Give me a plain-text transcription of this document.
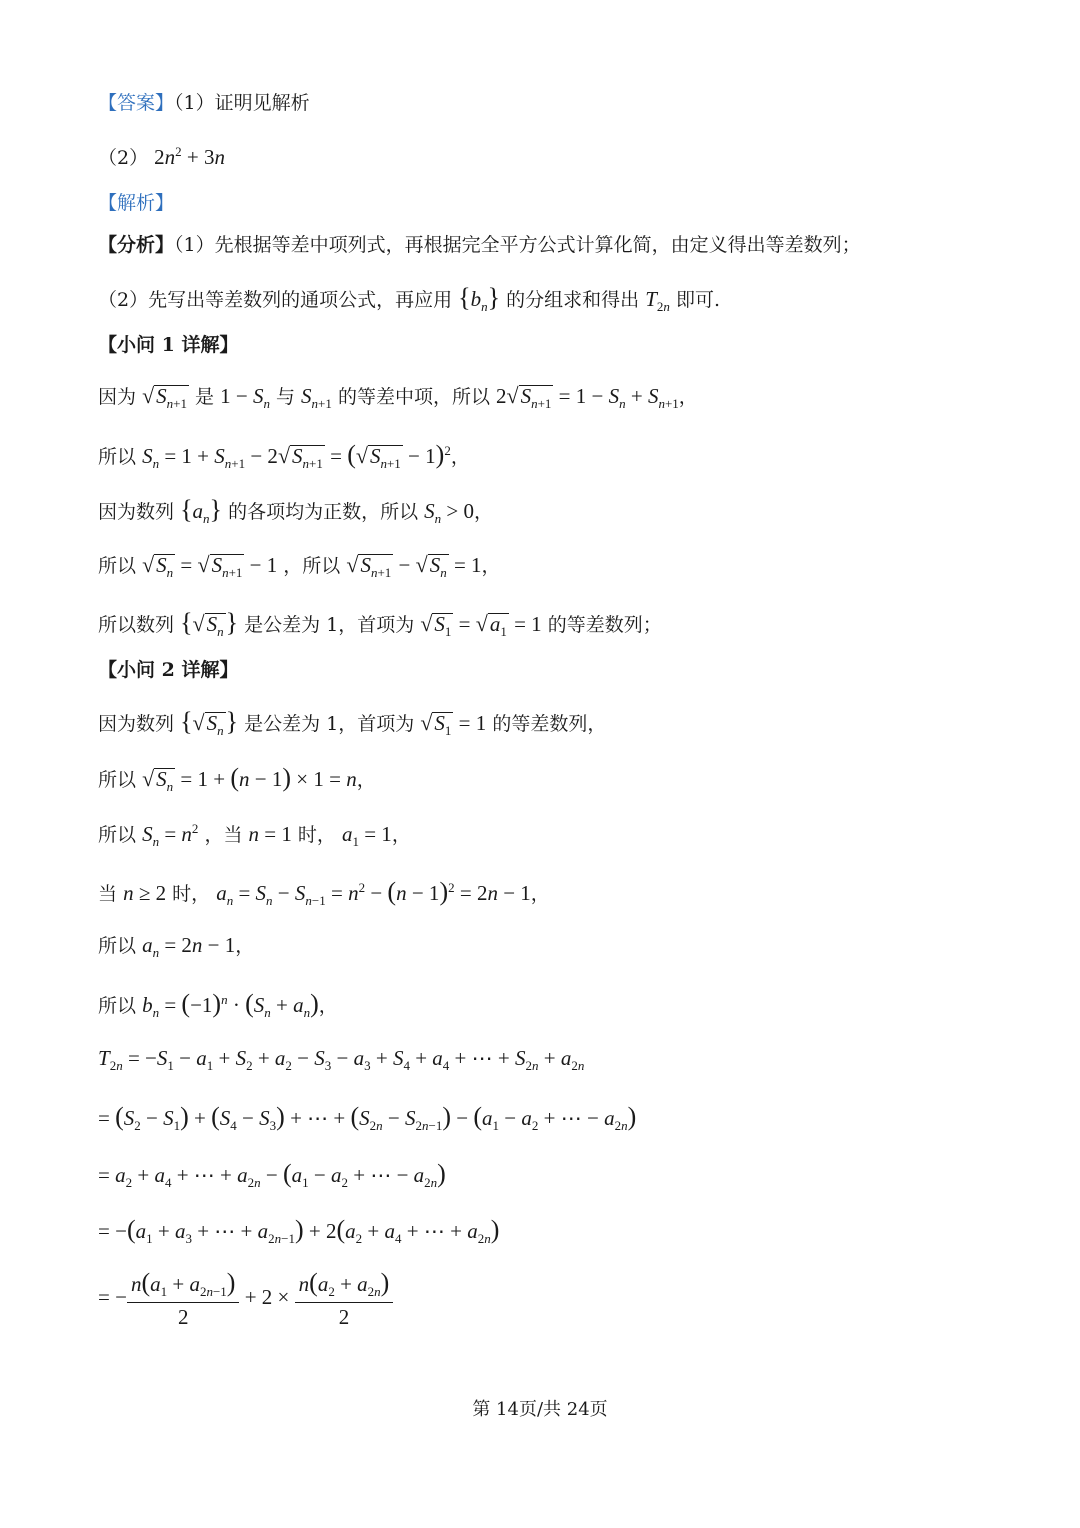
【答案】（1）证明见解析
（2） $2n^2 + 3n$
【解析】
【分析】（1）先根据等差中项列式，再根据完全平方公式计算化简，由定义得出等差数列；
（2）先写出等差数列的通项公式，再应用 $\{b_n\}$ 的分组求和得出 $T_{2n}$ 即可.
【小问 1 详解】
因为 $√S_{n+1}$ 是 $1 - S_n$ 与 $S_{n+1}$ 的等差中项，所以 $2√S_{n+1} = 1 - S_n + S_{n+1}$，
所以 $S_n = 1 + S_{n+1} - 2√S_{n+1} = (√S_{n+1} - 1)^2$，
因为数列 $\{a_n\}$ 的各项均为正数，所以 $S_n > 0$，
所以 $√S_n = √S_{n+1} - 1$ ，所以 $√S_{n+1} - √S_n = 1$，
所以数列 $\{√S_n\}$ 是公差为 1，首项为 $√S_1 = √a_1 = 1$ 的等差数列；
【小问 2 详解】
因为数列 $\{√S_n\}$ 是公差为 1，首项为 $√S_1 = 1$ 的等差数列，
所以 $√S_n = 1 + (n - 1) \times 1 = n$，
所以 $S_n = n^2$ ，当 n = 1 时， $a_1 = 1$，
当 n ≥ 2 时， $a_n = S_n - S_{n-1} = n^2 - (n - 1)^2 = 2n - 1$，
所以 $a_n = 2n - 1$，
所以 $b_n = (-1)^n \cdot (S_n + a_n)$，
$T_{2n} = -S_1 - a_1 + S_2 + a_2 - S_3 - a_3 + S_4 + a_4$ + ⋯ + $S_{2n} + a_{2n}$
= $(S_2 - S_1) + (S_4 - S_3)$ + ⋯ + $(S_{2n} - S_{2n-1}) - (a_1 - a_2$ + ⋯ − $a_{2n}$)
= $a_2 + a_4$ + ⋯ + $a_{2n} - (a_1 - a_2$ + ⋯ − $a_{2n}$)
= $-(a_1 + a_3$ + ⋯ + $a_{2n-1}) + 2(a_2 + a_4$ + ⋯ + $a_{2n}$)
= − $\frac{n(a_1 + a_{2n-1})}{2} + 2 \times \frac{n(a_2 + a_{2n})}{2}$
第 14页/共 24页
